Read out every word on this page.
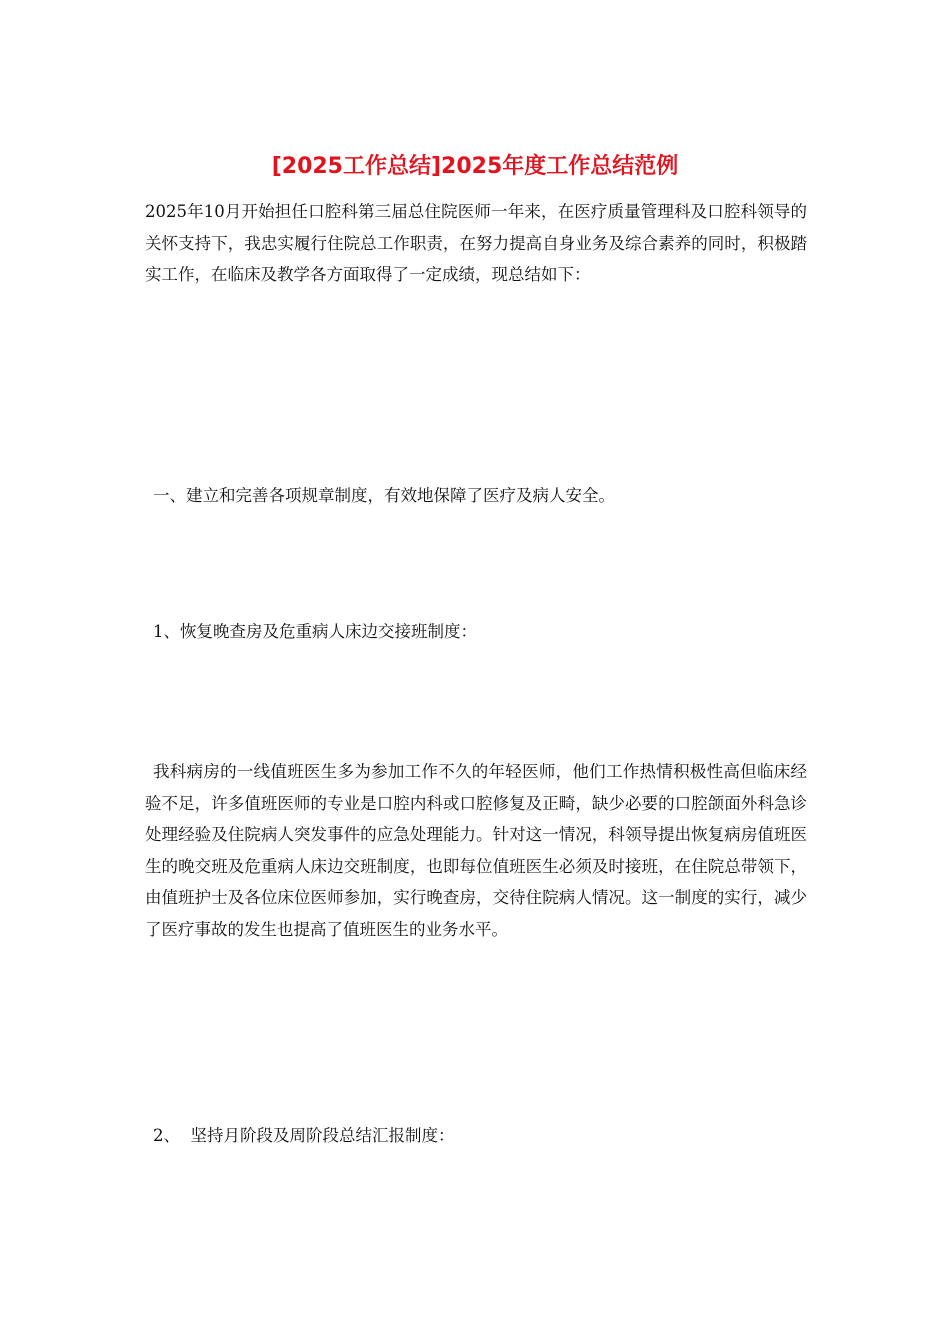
[2025工作总结]2025年度工作总结范例

2025年10月开始担任口腔科第三届总住院医师一年来，在医疗质量管理科及口腔科领导的关怀支持下，我忠实履行住院总工作职责，在努力提高自身业务及综合素养的同时，积极踏实工作，在临床及教学各方面取得了一定成绩，现总结如下：

一、建立和完善各项规章制度，有效地保障了医疗及病人安全。

1、恢复晚查房及危重病人床边交接班制度：

我科病房的一线值班医生多为参加工作不久的年轻医师，他们工作热情积极性高但临床经验不足，许多值班医师的专业是口腔内科或口腔修复及正畸，缺少必要的口腔颌面外科急诊处理经验及住院病人突发事件的应急处理能力。针对这一情况，科领导提出恢复病房值班医生的晚交班及危重病人床边交班制度，也即每位值班医生必须及时接班，在住院总带领下，由值班护士及各位床位医师参加，实行晚查房，交待住院病人情况。这一制度的实行，减少了医疗事故的发生也提高了值班医生的业务水平。

2、  坚持月阶段及周阶段总结汇报制度：
